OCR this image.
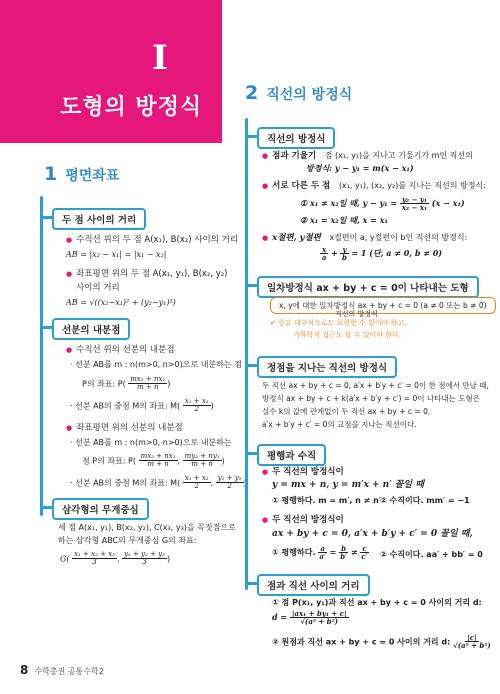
I
도형의 방정식
1 평면좌표
두 점 사이의 거리
● 수직선 위의 두 점 A(x₁), B(x₂) 사이의 거리
AB = |x₂ − x₁| = |x₁ − x₂|
● 좌표평면 위의 두 점 A(x₁, y₁), B(x₂, y₂)
사이의 거리
AB = √((x₂−x₁)² + (y₂−y₁)²)
선분의 내분점
● 수직선 위의 선분의 내분점
· 선분 AB를 m : n(m>0, n>0)으로 내분하는 점
P의 좌표: $P( \frac{\text{mx₂ + nx₁}}{m + n}$ )
· 선분 AB의 중점 M의 좌표: $M( \frac{\text{x₁ + x₂}}{2}$ )
● 좌표평면 위의 선분의 내분점
· 선분 AB를 m : n(m>0, n>0)으로 내분하는
점 P의 좌표: $P( \frac{\text{mx₂ + nx₁}}{m + n}$ , $\frac{\text{my₂ + ny₁}}{m + n}$ )
· 선분 AB의 중점 M의 좌표: $M( \frac{\text{x₁ + x₂}}{2}$ , $\frac{\text{y₁ + y₂}}{2}$
삼각형의 무게중심
세 점 A(x₁, y₁), B(x₂, y₂), C(x₃, y₃)을 꼭짓점으로
하는 삼각형 ABC의 무게중심 G의 좌표:
$G( \frac{\text{x₁ + x₂ + x₃}}{3}$ , $\frac{\text{y₁ + y₂ + y₃}}{3}$ )
2 직선의 방정식
직선의 방정식
● 점과 기울기 점 (x₁, y₁)을 지나고 기울기가 m인 직선의
방정식: y − y₁ = m(x − x₁)
● 서로 다른 두 점 (x₁, y₁), (x₂, y₂)를 지나는 직선의 방정식:
① x₁ ≠ x₂일 때, $y - y_1 = \frac{\text{y₂ − y₁}}{\text{x₂ − x₁}} (x - x_1)$
② x₁ = x₂일 때, x = x₁
● x절편, y절편 x절편이 a, y절편이 b인 직선의 방정식:
$\frac{x}{a} + \frac{y}{b} = 1$ (단, a ≠ 0, b ≠ 0)
일차방정식 ax + by + c = 0이 나타내는 도형
x, y에 대한 일차방정식 ax + by + c = 0 (a ≠ 0 또는 b ≠ 0)
직선의 방정식
✔ 중요 대수식으로도 표현할 수 있어야 하고,
기하학적 접근도 할 수 있어야 한다.
정점을 지나는 직선의 방정식
두 직선 ax + by + c = 0, a′x + b′y + c′ = 0이 한 점에서 만날 때,
방정식 ax + by + c + k(a′x + b′y + c′) = 0이 나타내는 도형은
실수 k의 값에 관계없이 두 직선 ax + by + c = 0,
a′x + b′y + c′ = 0의 교점을 지나는 직선이다.
평행과 수직
● 두 직선의 방정식이
y = mx + n, y = m′x + n′ 꼴일 때
① 평행하다. m = m′, n ≠ n′ ② 수직이다. mm′ = −1
● 두 직선의 방정식이
ax + by + c = 0, a′x + b′y + c′ = 0 꼴일 때,
① 평행하다. $\frac{a}{a'} = \frac{b}{b'} \ne \frac{c}{c'}$ ② 수직이다. aa′ + bb′ = 0
점과 직선 사이의 거리
① 점 P(x₁, y₁)과 직선 ax + by + c = 0 사이의 거리 d:
$d = \frac{\text{|ax₁ + by₁ + c|}}{\text{√(a² + b²)}}$
② 원점과 직선 ax + by + c = 0 사이의 거리 d: $\frac{|c|}{\text{√(a² + b²)}}$
8 수학총권 공통수학2
